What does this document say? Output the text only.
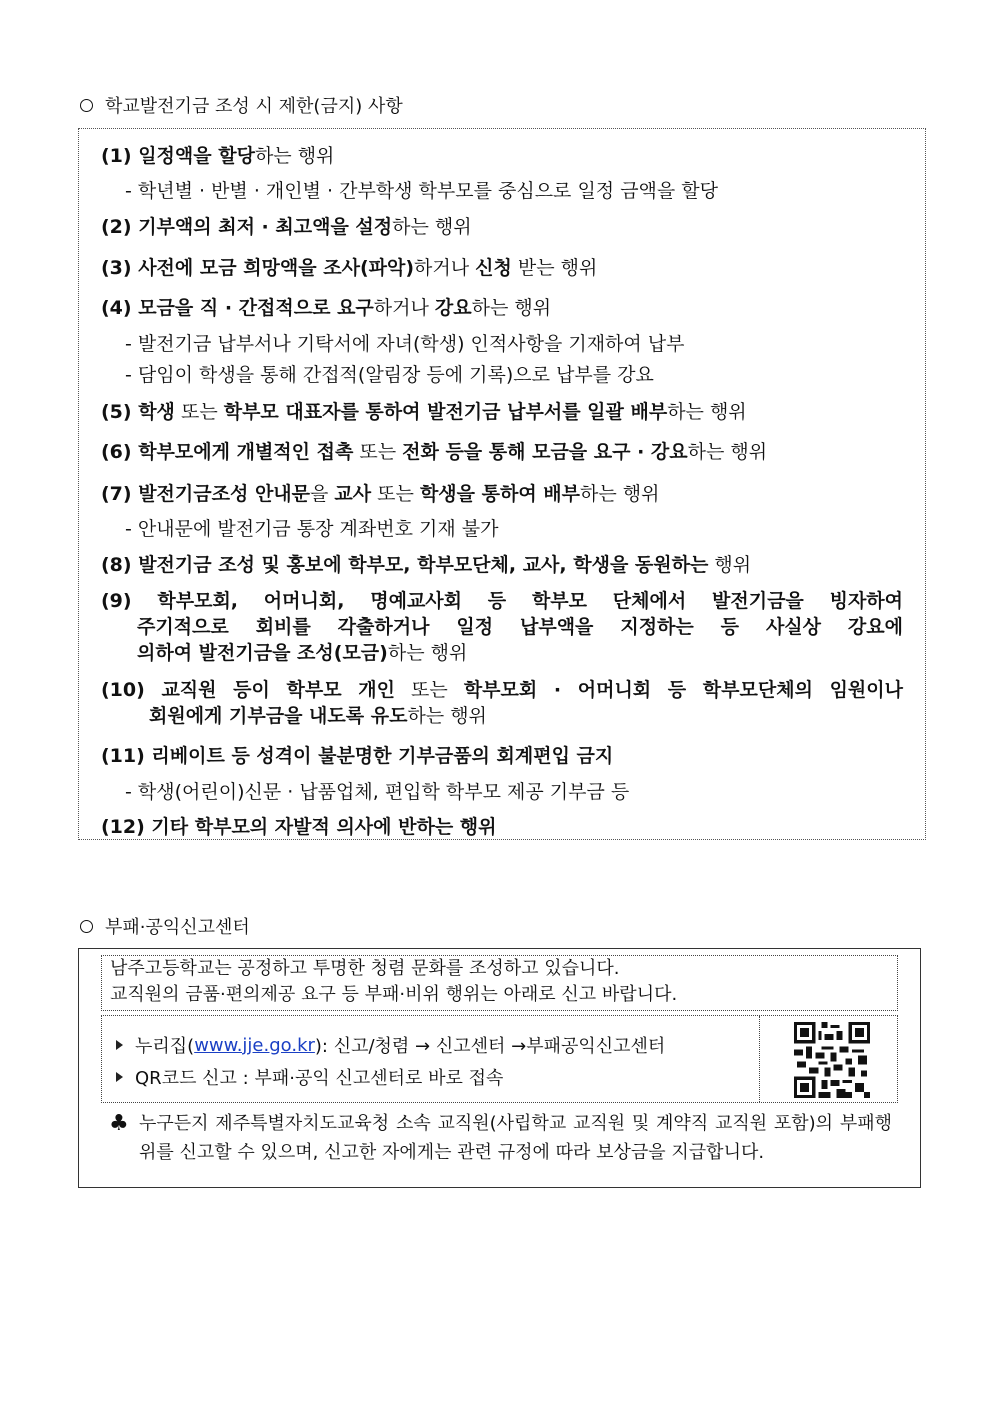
학교발전기금 조성 시 제한(금지) 사항
(1) 일정액을 할당하는 행위
- 학년별 · 반별 · 개인별 · 간부학생 학부모를 중심으로 일정 금액을 할당
(2) 기부액의 최저 · 최고액을 설정하는 행위
(3) 사전에 모금 희망액을 조사(파악)하거나 신청 받는 행위
(4) 모금을 직 · 간접적으로 요구하거나 강요하는 행위
- 발전기금 납부서나 기탁서에 자녀(학생) 인적사항을 기재하여 납부
- 담임이 학생을 통해 간접적(알림장 등에 기록)으로 납부를 강요
(5) 학생 또는 학부모 대표자를 통하여 발전기금 납부서를 일괄 배부하는 행위
(6) 학부모에게 개별적인 접촉 또는 전화 등을 통해 모금을 요구 · 강요하는 행위
(7) 발전기금조성 안내문을 교사 또는 학생을 통하여 배부하는 행위
- 안내문에 발전기금 통장 계좌번호 기재 불가
(8) 발전기금 조성 및 홍보에 학부모, 학부모단체, 교사, 학생을 동원하는 행위
(9) 학부모회, 어머니회, 명예교사회 등 학부모 단체에서 발전기금을 빙자하여
주기적으로 회비를 각출하거나 일정 납부액을 지정하는 등 사실상 강요에
의하여 발전기금을 조성(모금)하는 행위
(10) 교직원 등이 학부모 개인 또는 학부모회 · 어머니회 등 학부모단체의 임원이나
회원에게 기부금을 내도록 유도하는 행위
(11) 리베이트 등 성격이 불분명한 기부금품의 회계편입 금지
- 학생(어린이)신문 · 납품업체, 편입학 학부모 제공 기부금 등
(12) 기타 학부모의 자발적 의사에 반하는 행위
부패·공익신고센터
남주고등학교는 공정하고 투명한 청렴 문화를 조성하고 있습니다.
교직원의 금품·편의제공 요구 등 부패·비위 행위는 아래로 신고 바랍니다.
누리집( www.jje.go.kr ): 신고/청렴 → 신고센터 →부패공익신고센터
QR코드 신고 : 부패·공익 신고센터로 바로 접속
♣ 누구든지 제주특별자치도교육청 소속 교직원(사립학교 교직원 및 계약직 교직원 포함)의 부패행위를 신고할 수 있으며, 신고한 자에게는 관련 규정에 따라 보상금을 지급합니다.
